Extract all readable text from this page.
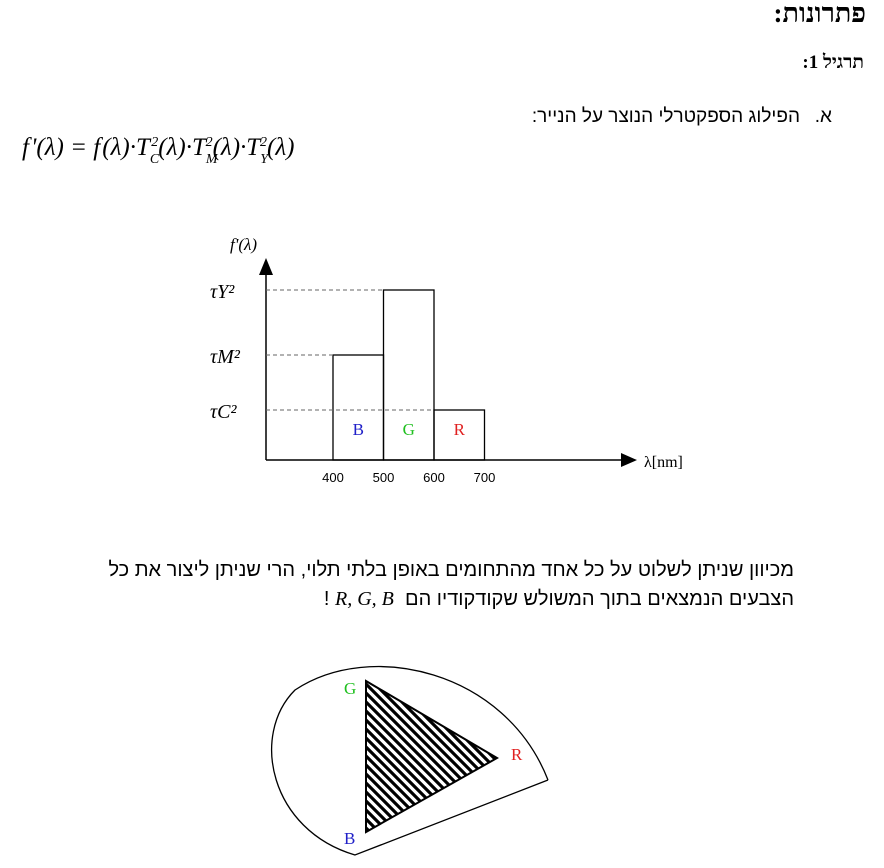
פתרונות:
תרגיל 1:
א.הפילוג הספקטרלי הנוצר על הנייר:
f '(λ) = f $(\lambda)\cdot T_C^2(\lambda)\cdot T_M^2(\lambda)\cdot T_Y^2(\lambda)$
B G R
τY²
τM²
τC²
400 500 600 700
f'(λ)
λ[nm]
G
R
B
מכיוון שניתן לשלוט על כל אחד מהתחומים באופן בלתי תלוי, הרי שניתן ליצור את כל
הצבעים הנמצאים בתוך המשולש שקודקודיו הם  R, G, B !
